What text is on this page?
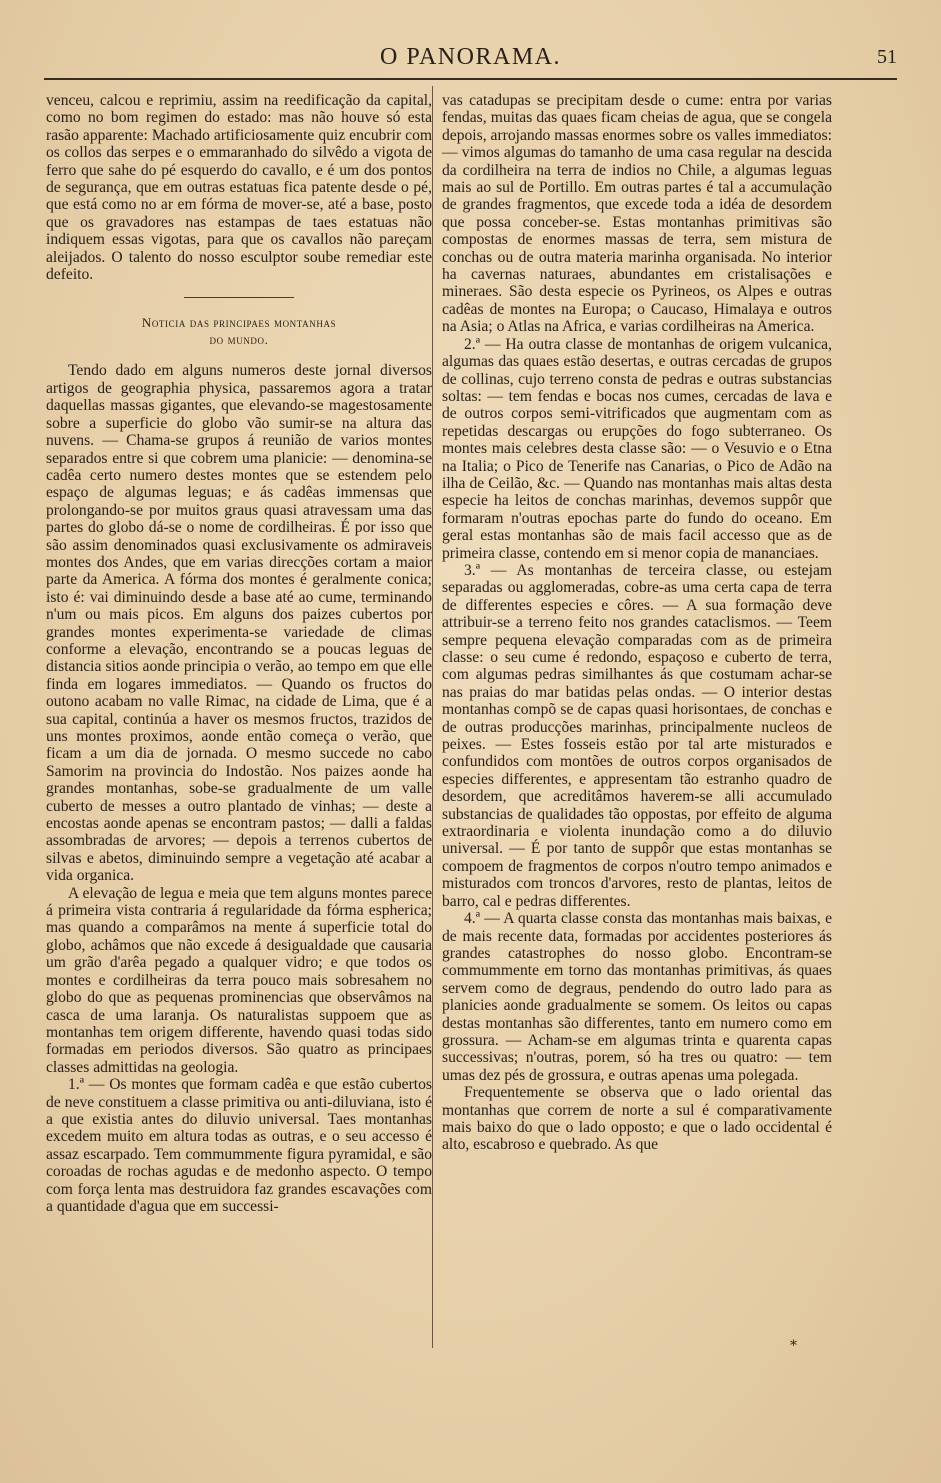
O PANORAMA.	51

venceu, calcou e reprimiu, assim na reedificação da capital, como no bom regimen do estado: mas não houve só esta rasão apparente: Machado artificiosamente quiz encubrir com os collos das serpes e o emmaranhado do silvêdo a vigota de ferro que sahe do pé esquerdo do cavallo, e é um dos pontos de segurança, que em outras estatuas fica patente desde o pé, que está como no ar em fórma de mover-se, até a base, posto que os gravadores nas estampas de taes estatuas não indiquem essas vigotas, para que os cavallos não pareçam aleijados. O talento do nosso esculptor soube remediar este defeito.

Noticia das principaes montanhas
do mundo.

Tendo dado em alguns numeros deste jornal diversos artigos de geographia physica, passaremos agora a tratar daquellas massas gigantes, que elevando-se magestosamente sobre a superficie do globo vão sumir-se na altura das nuvens. — Chama-se grupos á reunião de varios montes separados entre si que cobrem uma planicie: — denomina-se cadêa certo numero destes montes que se estendem pelo espaço de algumas leguas; e ás cadêas immensas que prolongando-se por muitos graus quasi atravessam uma das partes do globo dá-se o nome de cordilheiras. É por isso que são assim denominados quasi exclusivamente os admiraveis montes dos Andes, que em varias direcções cortam a maior parte da America. A fórma dos montes é geralmente conica; isto é: vai diminuindo desde a base até ao cume, terminando n'um ou mais picos. Em alguns dos paizes cubertos por grandes montes experimenta-se variedade de climas conforme a elevação, encontrando se a poucas leguas de distancia sitios aonde principia o verão, ao tempo em que elle finda em logares immediatos. — Quando os fructos do outono acabam no valle Rimac, na cidade de Lima, que é a sua capital, continúa a haver os mesmos fructos, trazidos de uns montes proximos, aonde então começa o verão, que ficam a um dia de jornada. O mesmo succede no cabo Samorim na provincia do Indostão. Nos paizes aonde ha grandes montanhas, sobe-se gradualmente de um valle cuberto de messes a outro plantado de vinhas; — deste a encostas aonde apenas se encontram pastos; — dalli a faldas assombradas de arvores; — depois a terrenos cubertos de silvas e abetos, diminuindo sempre a vegetação até acabar a vida organica.

A elevação de legua e meia que tem alguns montes parece á primeira vista contraria á regularidade da fórma espherica; mas quando a comparâmos na mente á superficie total do globo, achâmos que não excede á desigualdade que causaria um grão d'arêa pegado a qualquer vidro; e que todos os montes e cordilheiras da terra pouco mais sobresahem no globo do que as pequenas prominencias que observâmos na casca de uma laranja. Os naturalistas suppoem que as montanhas tem origem differente, havendo quasi todas sido formadas em periodos diversos. São quatro as principaes classes admittidas na geologia.

1.ª — Os montes que formam cadêa e que estão cubertos de neve constituem a classe primitiva ou anti-diluviana, isto é a que existia antes do diluvio universal. Taes montanhas excedem muito em altura todas as outras, e o seu accesso é assaz escarpado. Tem commummente figura pyramidal, e são coroadas de rochas agudas e de medonho aspecto. O tempo com força lenta mas destruidora faz grandes escavações com a quantidade d'agua que em successi-

vas catadupas se precipitam desde o cume: entra por varias fendas, muitas das quaes ficam cheias de agua, que se congela depois, arrojando massas enormes sobre os valles immediatos: — vimos algumas do tamanho de uma casa regular na descida da cordilheira na terra de indios no Chile, a algumas leguas mais ao sul de Portillo. Em outras partes é tal a accumulação de grandes fragmentos, que excede toda a idéa de desordem que possa conceber-se. Estas montanhas primitivas são compostas de enormes massas de terra, sem mistura de conchas ou de outra materia marinha organisada. No interior ha cavernas naturaes, abundantes em cristalisações e mineraes. São desta especie os Pyrineos, os Alpes e outras cadêas de montes na Europa; o Caucaso, Himalaya e outros na Asia; o Atlas na Africa, e varias cordilheiras na America.

2.ª — Ha outra classe de montanhas de origem vulcanica, algumas das quaes estão desertas, e outras cercadas de grupos de collinas, cujo terreno consta de pedras e outras substancias soltas: — tem fendas e bocas nos cumes, cercadas de lava e de outros corpos semi-vitrificados que augmentam com as repetidas descargas ou erupções do fogo subterraneo. Os montes mais celebres desta classe são: — o Vesuvio e o Etna na Italia; o Pico de Tenerife nas Canarias, o Pico de Adão na ilha de Ceilão, &c. — Quando nas montanhas mais altas desta especie ha leitos de conchas marinhas, devemos suppôr que formaram n'outras epochas parte do fundo do oceano. Em geral estas montanhas são de mais facil accesso que as de primeira classe, contendo em si menor copia de mananciaes.

3.ª — As montanhas de terceira classe, ou estejam separadas ou agglomeradas, cobre-as uma certa capa de terra de differentes especies e côres. — A sua formação deve attribuir-se a terreno feito nos grandes cataclismos. — Teem sempre pequena elevação comparadas com as de primeira classe: o seu cume é redondo, espaçoso e cuberto de terra, com algumas pedras similhantes ás que costumam achar-se nas praias do mar batidas pelas ondas. — O interior destas montanhas compõ se de capas quasi horisontaes, de conchas e de outras producções marinhas, principalmente nucleos de peixes. — Estes fosseis estão por tal arte misturados e confundidos com montões de outros corpos organisados de especies differentes, e appresentam tão estranho quadro de desordem, que acreditâmos haverem-se alli accumulado substancias de qualidades tão oppostas, por effeito de alguma extraordinaria e violenta inundação como a do diluvio universal. — É por tanto de suppôr que estas montanhas se compoem de fragmentos de corpos n'outro tempo animados e misturados com troncos d'arvores, resto de plantas, leitos de barro, cal e pedras differentes.

4.ª — A quarta classe consta das montanhas mais baixas, e de mais recente data, formadas por accidentes posteriores ás grandes catastrophes do nosso globo. Encontram-se commummente em torno das montanhas primitivas, ás quaes servem como de degraus, pendendo do outro lado para as planicies aonde gradualmente se somem. Os leitos ou capas destas montanhas são differentes, tanto em numero como em grossura. — Acham-se em algumas trinta e quarenta capas successivas; n'outras, porem, só ha tres ou quatro: — tem umas dez pés de grossura, e outras apenas uma polegada.

Frequentemente se observa que o lado oriental das montanhas que correm de norte a sul é comparativamente mais baixo do que o lado opposto; e que o lado occidental é alto, escabroso e quebrado. As que

*
